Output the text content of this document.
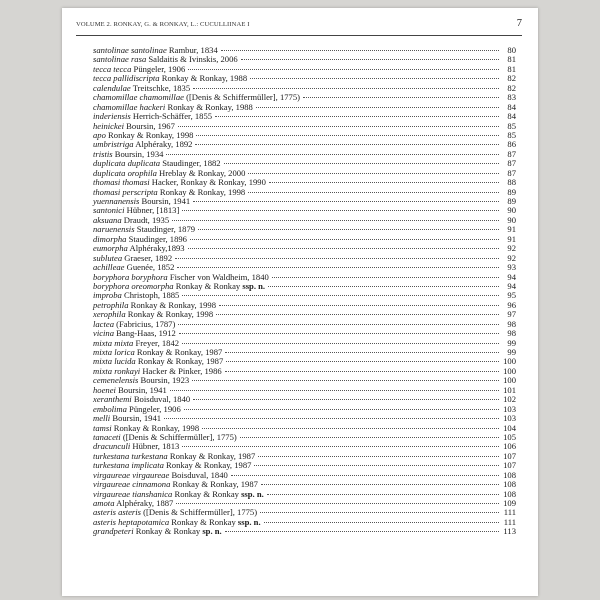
VOLUME 2. RONKAY, G. & RONKAY, L.: CUCULLIINAE I	7
santolinae santolinae Rambur, 1834	80
santolinae rasa Saldaitis & Ivinskis, 2006	81
tecca tecca Püngeler, 1906	81
tecca pallidiscripta Ronkay & Ronkay, 1988	82
calendulae Treitschke, 1835	82
chamomillae chamomillae ([Denis & Schiffermüller], 1775)	83
chamomillae hackeri Ronkay & Ronkay, 1988	84
inderiensis Herrich-Schäffer, 1855	84
heinickei Boursin, 1967	85
apo Ronkay & Ronkay, 1998	85
umbristriga Alphéraky, 1892	86
tristis Boursin, 1934	87
duplicata duplicata Staudinger, 1882	87
duplicata orophila Hreblay & Ronkay, 2000	87
thomasi thomasi Hacker, Ronkay & Ronkay, 1990	88
thomasi perscripta Ronkay & Ronkay, 1998	89
yuennanensis Boursin, 1941	89
santonici Hübner, [1813]	90
aksuana Draudt, 1935	90
naruenensis Staudinger, 1879	91
dimorpha Staudinger, 1896	91
eumorpha Alphéraky,1893	92
sublutea Graeser, 1892	92
achilleae Guenée, 1852	93
boryphora boryphora Fischer von Waldheim, 1840	94
boryphora oreomorpha Ronkay & Ronkay ssp. n.	94
improba Christoph, 1885	95
petrophila Ronkay & Ronkay, 1998	96
xerophila Ronkay & Ronkay, 1998	97
lactea (Fabricius, 1787)	98
vicina Bang-Haas, 1912	98
mixta mixta Freyer, 1842	99
mixta lorica Ronkay & Ronkay, 1987	99
mixta lucida Ronkay & Ronkay, 1987	100
mixta ronkayi Hacker & Pinker, 1986	100
cemenelensis Boursin, 1923	100
hoenei Boursin, 1941	101
xeranthemi Boisduval, 1840	102
embolima Püngeler, 1906	103
melli Boursin, 1941	103
tamsi Ronkay & Ronkay, 1998	104
tanaceti ([Denis & Schiffermüller], 1775)	105
dracunculi Hübner, 1813	106
turkestana turkestana Ronkay & Ronkay, 1987	107
turkestana implicata Ronkay & Ronkay, 1987	107
virgaureae virgaureae Boisduval, 1840	108
virgaureae cinnamona Ronkay & Ronkay, 1987	108
virgaureae tianshanica Ronkay & Ronkay ssp. n.	108
amota Alphéraky, 1887	109
asteris asteris ([Denis & Schiffermüller], 1775)	111
asteris heptapotamica Ronkay & Ronkay ssp. n.	111
grandpeteri Ronkay & Ronkay sp. n.	113
